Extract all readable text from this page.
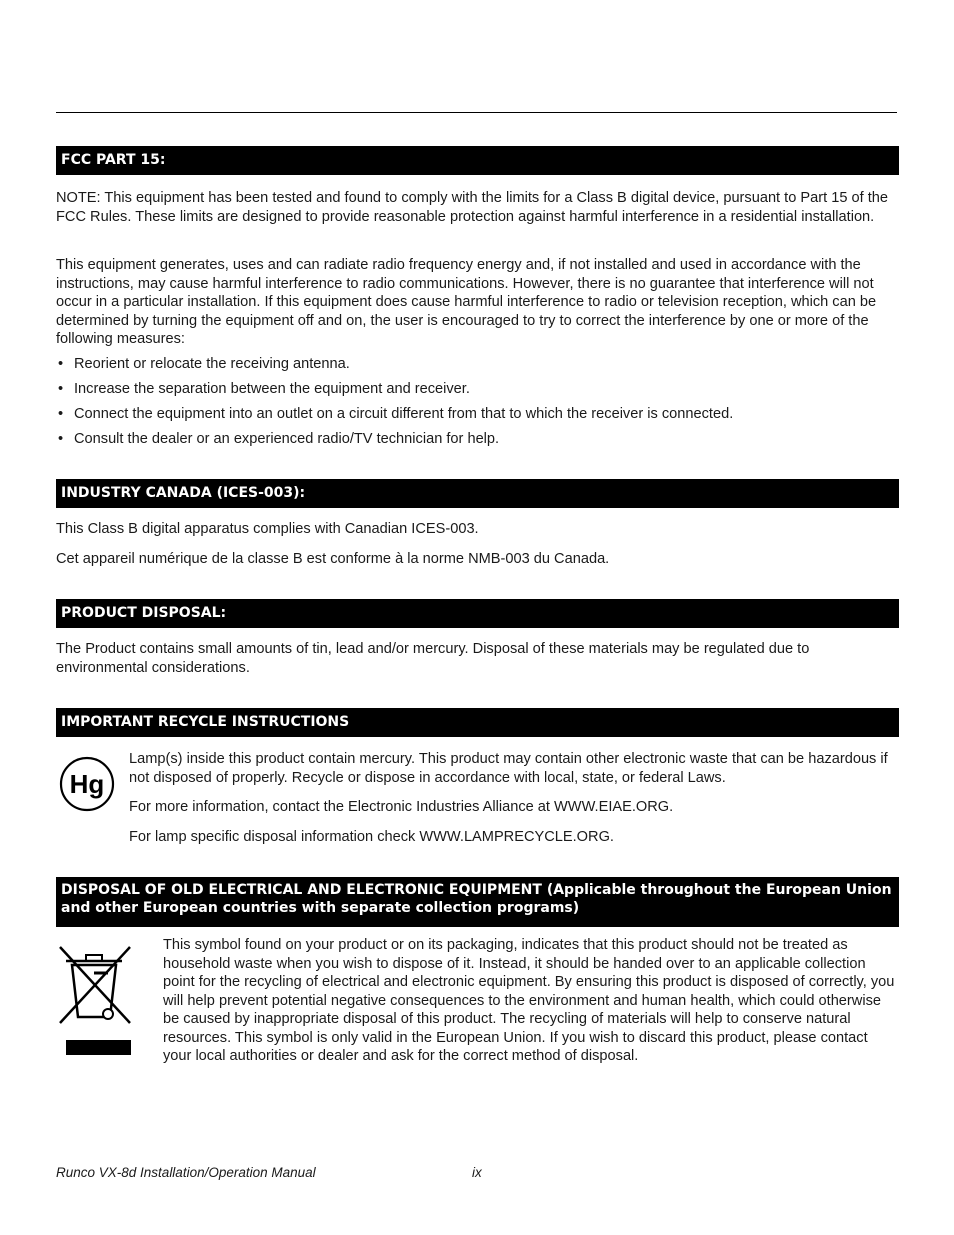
FCC PART 15:

NOTE: This equipment has been tested and found to comply with the limits for a Class B digital device, pursuant to Part 15 of the FCC Rules. These limits are designed to provide reasonable protection against harmful interference in a residential installation.

This equipment generates, uses and can radiate radio frequency energy and, if not installed and used in accordance with the instructions, may cause harmful interference to radio communications. However, there is no guarantee that interference will not occur in a particular installation. If this equipment does cause harmful interference to radio or television reception, which can be determined by turning the equipment off and on, the user is encouraged to try to correct the interference by one or more of the following measures:

• Reorient or relocate the receiving antenna.
• Increase the separation between the equipment and receiver.
• Connect the equipment into an outlet on a circuit different from that to which the receiver is connected.
• Consult the dealer or an experienced radio/TV technician for help.
INDUSTRY CANADA (ICES-003):

This Class B digital apparatus complies with Canadian ICES-003.

Cet appareil numérique de la classe B est conforme à la norme NMB-003 du Canada.

PRODUCT DISPOSAL:

The Product contains small amounts of tin, lead and/or mercury. Disposal of these materials may be regulated due to environmental considerations.

IMPORTANT RECYCLE INSTRUCTIONS
Hg

Lamp(s) inside this product contain mercury. This product may contain other electronic waste that can be hazardous if not disposed of properly. Recycle or dispose in accordance with local, state, or federal Laws.

For more information, contact the Electronic Industries Alliance at WWW.EIAE.ORG.

For lamp specific disposal information check WWW.LAMPRECYCLE.ORG.

DISPOSAL OF OLD ELECTRICAL AND ELECTRONIC EQUIPMENT (Applicable throughout the European Union and other European countries with separate collection programs)

This symbol found on your product or on its packaging, indicates that this product should not be treated as household waste when you wish to dispose of it. Instead, it should be handed over to an applicable collection point for the recycling of electrical and electronic equipment. By ensuring this product is disposed of correctly, you will help prevent potential negative consequences to the environment and human health, which could otherwise be caused by inappropriate disposal of this product. The recycling of materials will help to conserve natural resources. This symbol is only valid in the European Union. If you wish to discard this product, please contact your local authorities or dealer and ask for the correct method of disposal.

Runco VX-8d Installation/Operation Manual	ix
